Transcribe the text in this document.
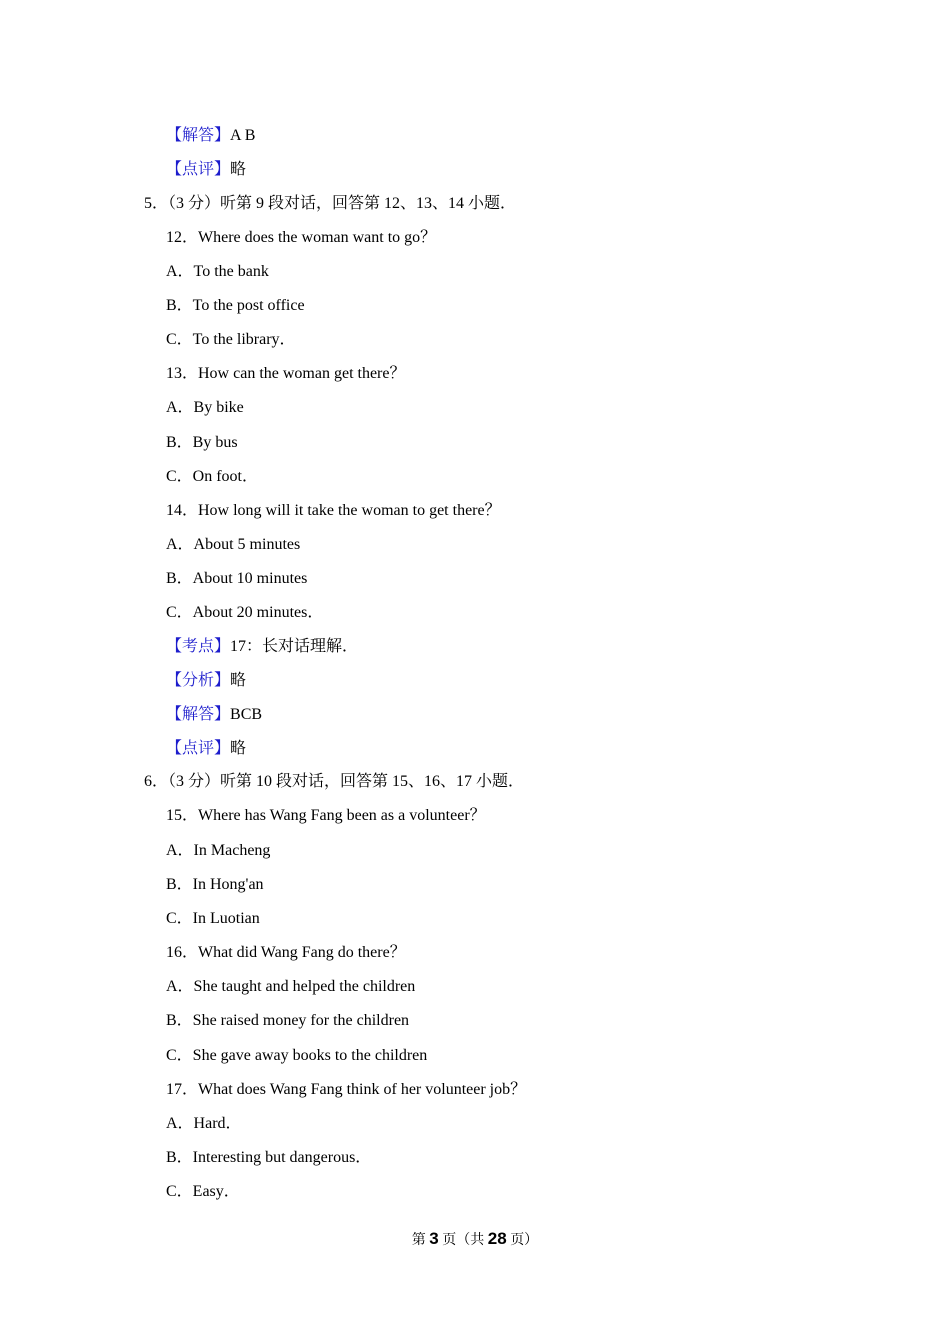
【解答】A B
【点评】略
5．（3 分）听第 9 段对话，回答第 12、13、14 小题．
12．Where does the woman want to go？
A．To the bank
B．To the post office
C．To the library．
13．How can the woman get there？
A．By bike
B．By bus
C．On foot．
14．How long will it take the woman to get there？
A．About 5 minutes
B．About 10 minutes
C．About 20 minutes．
【考点】17：长对话理解．
【分析】略
【解答】BCB
【点评】略
6．（3 分）听第 10 段对话，回答第 15、16、17 小题．
15．Where has Wang Fang been as a volunteer？
A．In Macheng
B．In Hong'an
C．In Luotian
16．What did Wang Fang do there？
A．She taught and helped the children
B．She raised money for the children
C．She gave away books to the children
17．What does Wang Fang think of her volunteer job？
A．Hard．
B．Interesting but dangerous．
C．Easy．
第 3 页（共 28 页）
